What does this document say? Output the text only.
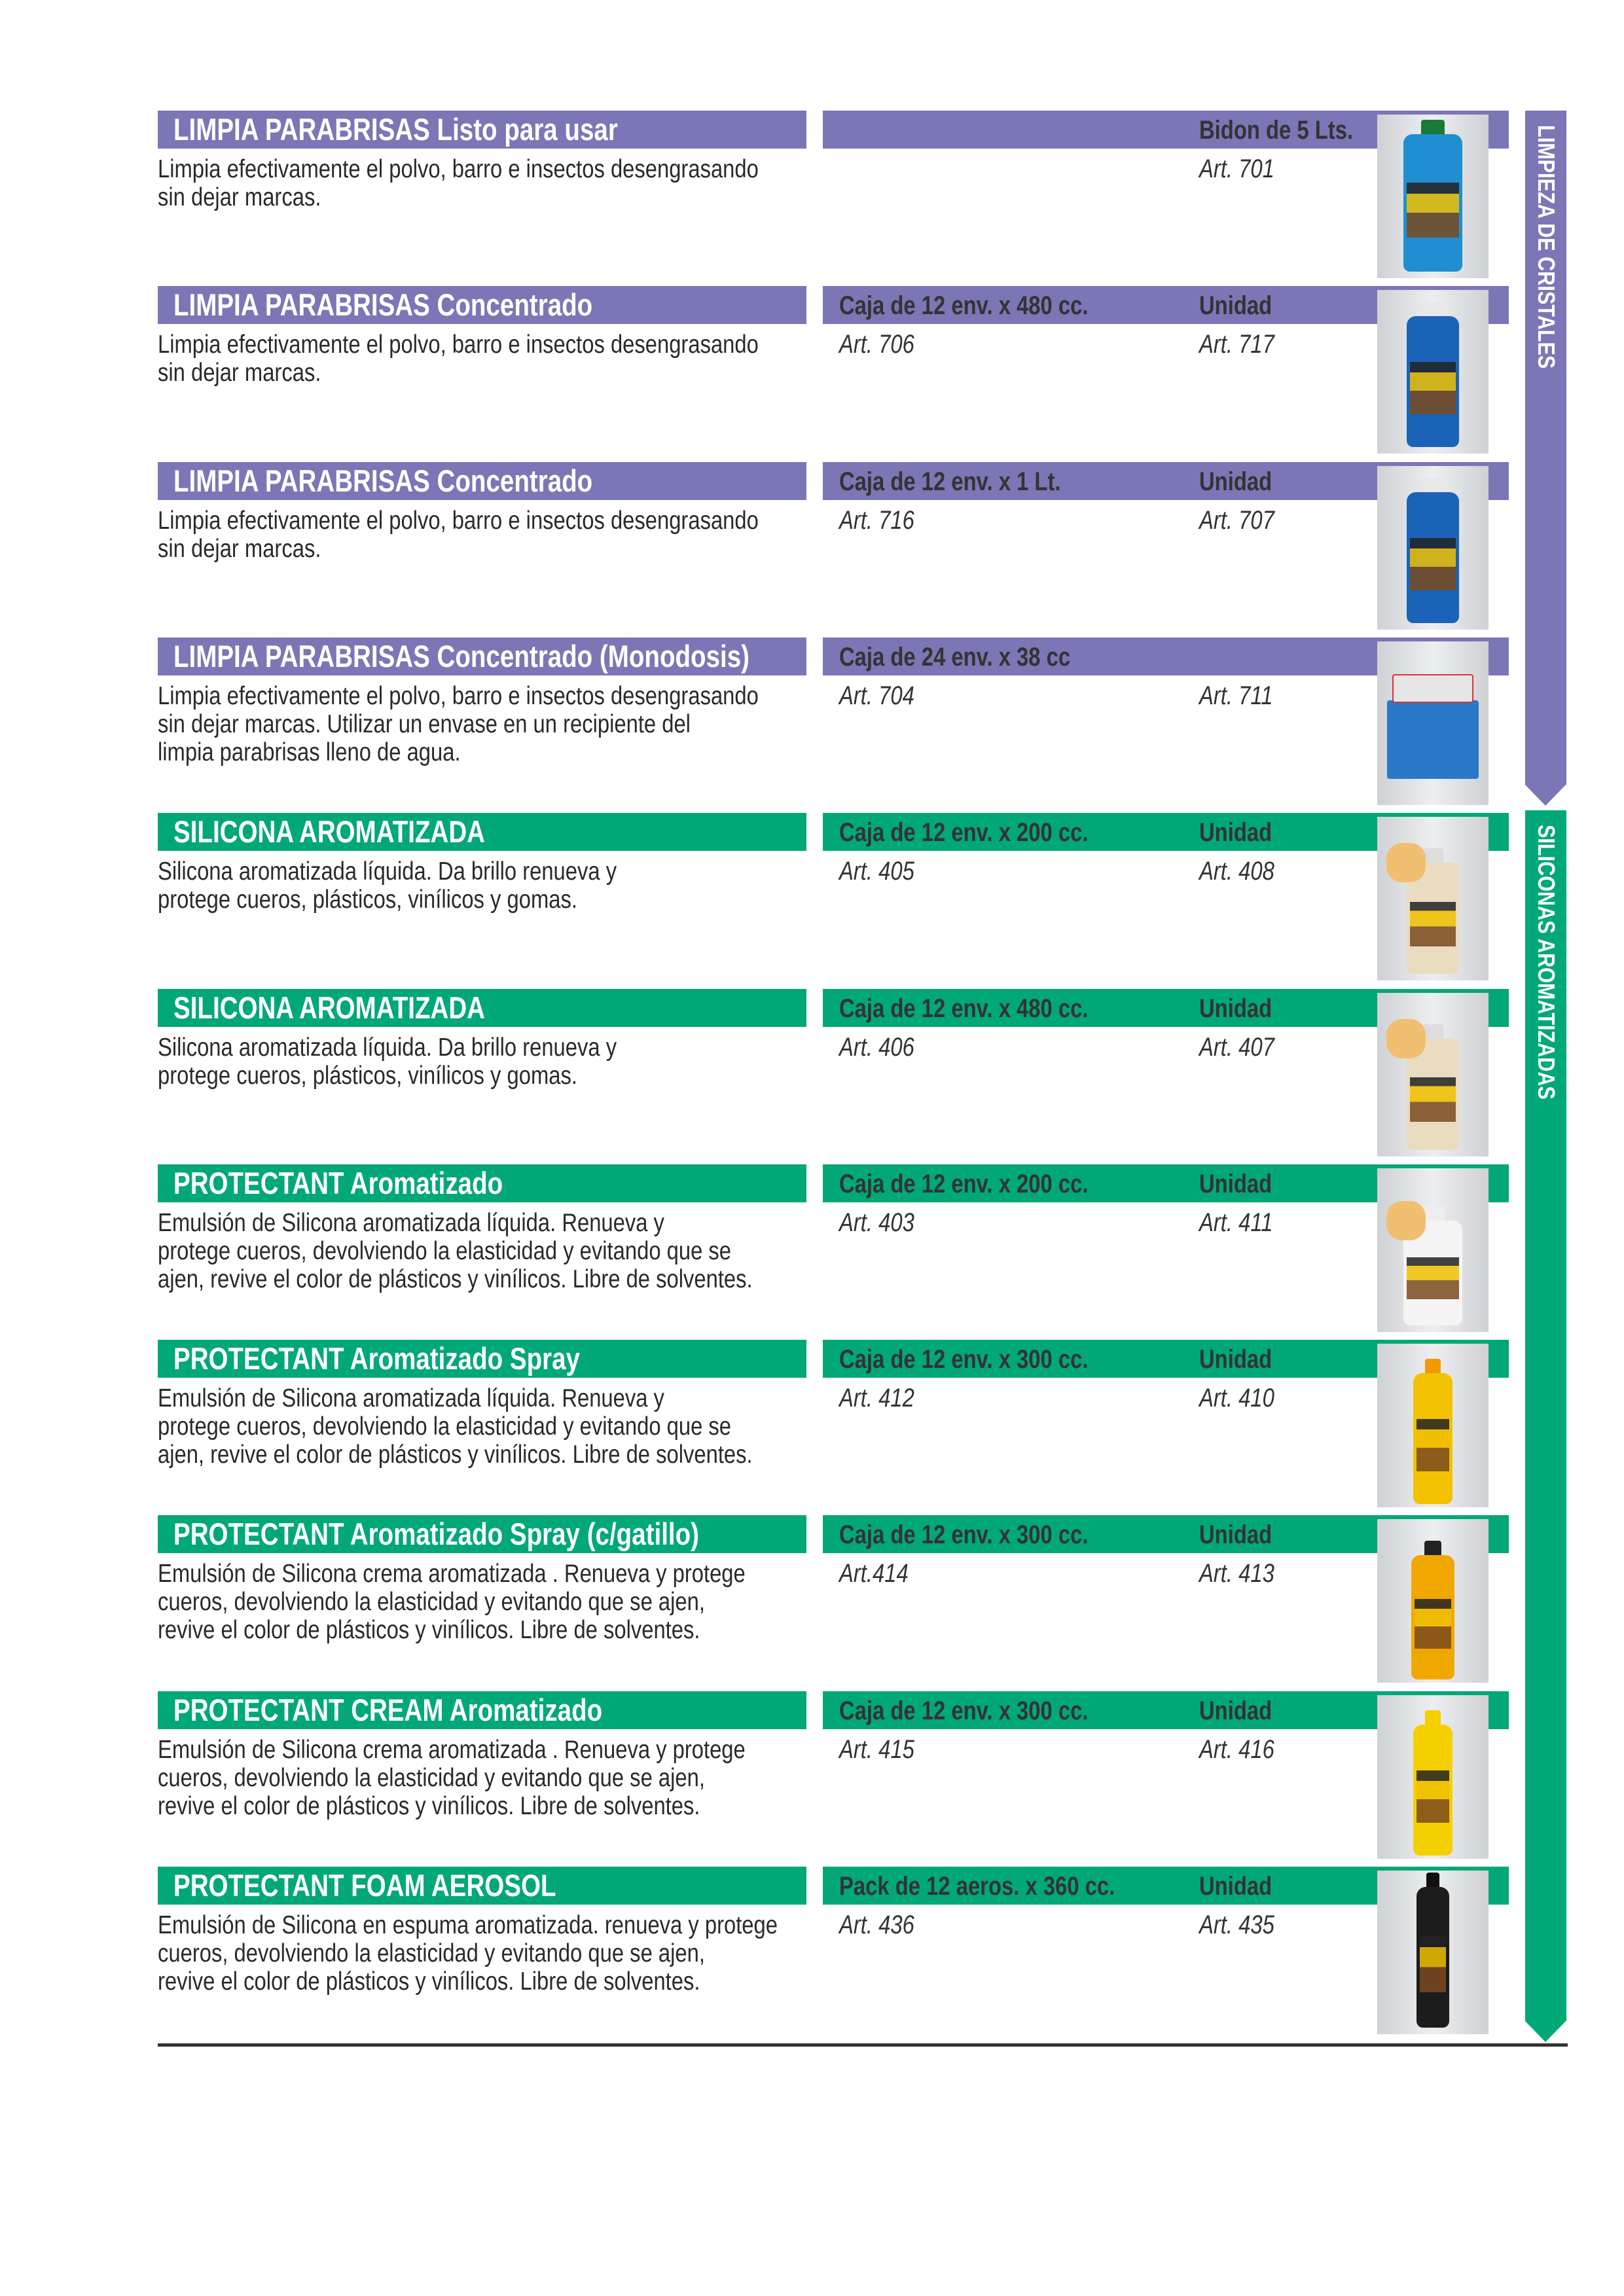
LIMPIA PARABRISAS Listo para usar	Bidon de 5 Lts.
Limpia efectivamente el polvo, barro e insectos desengrasando
sin dejar marcas.
Art. 701
LIMPIA PARABRISAS Concentrado	Caja de 12 env. x 480 cc.	Unidad
Limpia efectivamente el polvo, barro e insectos desengrasando
sin dejar marcas.
Art. 706	Art. 717
LIMPIA PARABRISAS Concentrado	Caja de 12 env. x 1 Lt.	Unidad
Limpia efectivamente el polvo, barro e insectos desengrasando
sin dejar marcas.
Art. 716	Art. 707
LIMPIA PARABRISAS Concentrado (Monodosis)	Caja de 24 env. x 38 cc
Limpia efectivamente el polvo, barro e insectos desengrasando
sin dejar marcas. Utilizar un envase en un recipiente del
limpia parabrisas lleno de agua.
Art. 704	Art. 711
SILICONA AROMATIZADA	Caja de 12 env. x 200 cc.	Unidad
Silicona aromatizada líquida. Da brillo renueva y
protege cueros, plásticos, vinílicos y gomas.
Art. 405	Art. 408
SILICONA AROMATIZADA	Caja de 12 env. x 480 cc.	Unidad
Silicona aromatizada líquida. Da brillo renueva y
protege cueros, plásticos, vinílicos y gomas.
Art. 406	Art. 407
PROTECTANT Aromatizado	Caja de 12 env. x 200 cc.	Unidad
Emulsión de Silicona aromatizada líquida. Renueva y
protege cueros, devolviendo la elasticidad y evitando que se
ajen, revive el color de plásticos y vinílicos. Libre de solventes.
Art. 403	Art. 411
PROTECTANT Aromatizado Spray	Caja de 12 env. x 300 cc.	Unidad
Emulsión de Silicona aromatizada líquida. Renueva y
protege cueros, devolviendo la elasticidad y evitando que se
ajen, revive el color de plásticos y vinílicos. Libre de solventes.
Art. 412	Art. 410
PROTECTANT Aromatizado Spray (c/gatillo)	Caja de 12 env. x 300 cc.	Unidad
Emulsión de Silicona crema aromatizada . Renueva y protege
cueros, devolviendo la elasticidad y evitando que se ajen,
revive el color de plásticos y vinílicos. Libre de solventes.
Art.414	Art. 413
PROTECTANT CREAM Aromatizado	Caja de 12 env. x 300 cc.	Unidad
Emulsión de Silicona crema aromatizada . Renueva y protege
cueros, devolviendo la elasticidad y evitando que se ajen,
revive el color de plásticos y vinílicos. Libre de solventes.
Art. 415	Art. 416
PROTECTANT FOAM AEROSOL	Pack de 12 aeros. x 360 cc.	Unidad
Emulsión de Silicona en espuma aromatizada. renueva y protege
cueros, devolviendo la elasticidad y evitando que se ajen,
revive el color de plásticos y vinílicos. Libre de solventes.
Art. 436	Art. 435
LIMPIEZA DE CRISTALES
SILICONAS AROMATIZADAS
